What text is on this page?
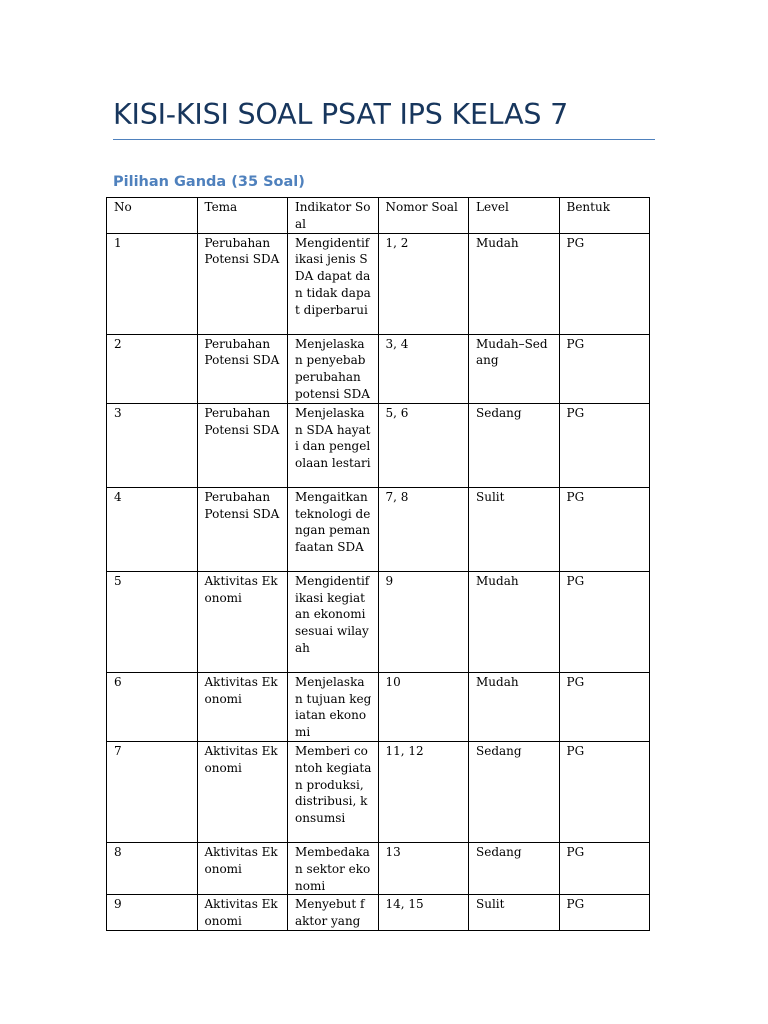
KISI-KISI SOAL PSAT IPS KELAS 7
Pilihan Ganda (35 Soal)
No	Tema	Indikator Soal	Nomor Soal	Level	Bentuk
1	Perubahan Potensi SDA	Mengidentifikasi jenis SDA dapat dan tidak dapat diperbarui	1, 2	Mudah	PG
2	Perubahan Potensi SDA	Menjelaskan penyebab perubahan potensi SDA	3, 4	Mudah–Sedang	PG
3	Perubahan Potensi SDA	Menjelaskan SDA hayati dan pengelolaan lestari	5, 6	Sedang	PG
4	Perubahan Potensi SDA	Mengaitkan teknologi dengan pemanfaatan SDA	7, 8	Sulit	PG
5	Aktivitas Ekonomi	Mengidentifikasi kegiatan ekonomi sesuai wilayah	9	Mudah	PG
6	Aktivitas Ekonomi	Menjelaskan tujuan kegiatan ekonomi	10	Mudah	PG
7	Aktivitas Ekonomi	Memberi contoh kegiatan produksi, distribusi, konsumsi	11, 12	Sedang	PG
8	Aktivitas Ekonomi	Membedakan sektor ekonomi	13	Sedang	PG
9	Aktivitas Ekonomi	Menyebut faktor yang	14, 15	Sulit	PG
